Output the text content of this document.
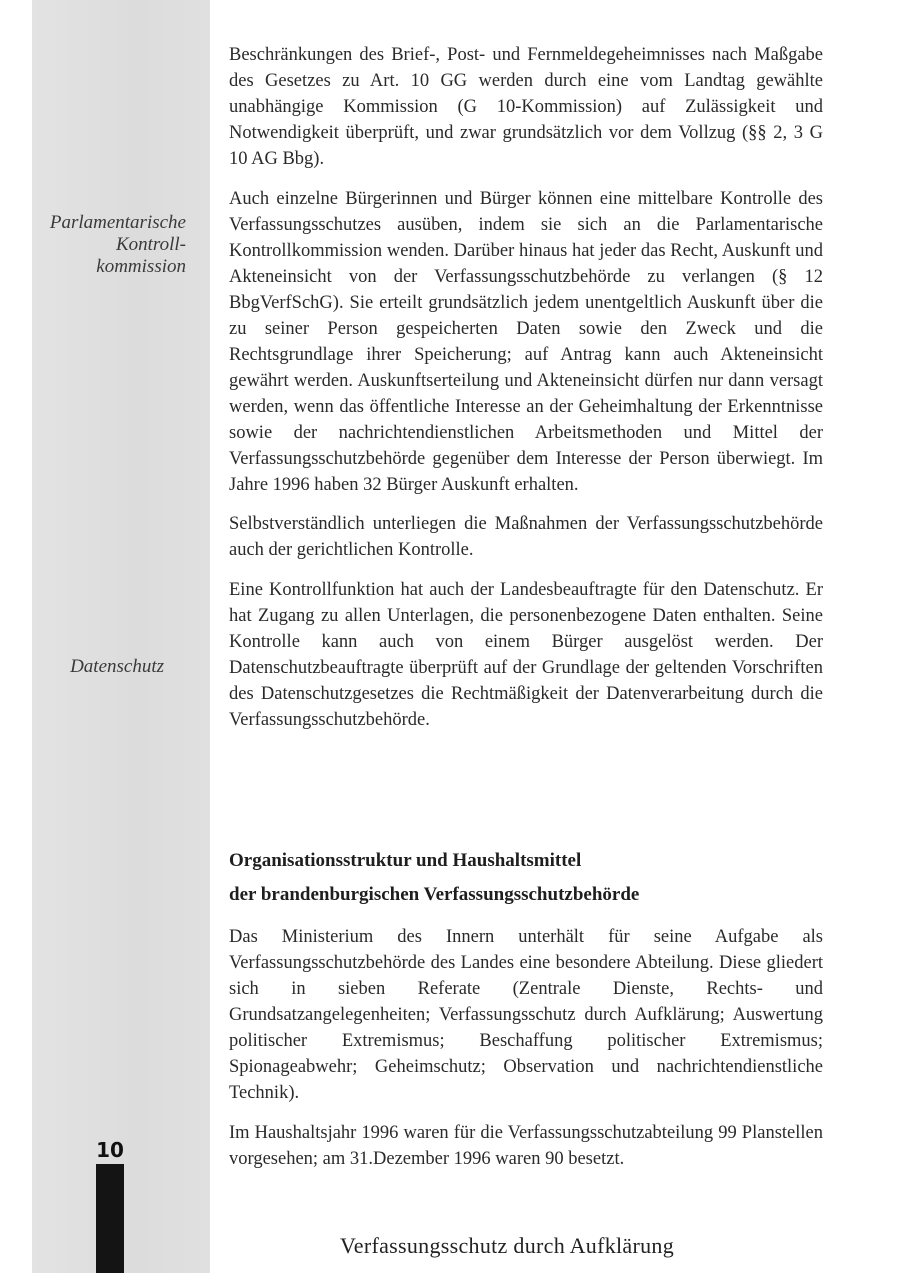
Parlamentarische
Kontroll-
kommission
Datenschutz

Beschränkungen des Brief-, Post- und Fernmeldegeheimnisses nach Maßgabe des Gesetzes zu Art. 10 GG werden durch eine vom Landtag gewählte unabhängige Kommission (G 10-Kommission) auf Zulässigkeit und Notwendigkeit überprüft, und zwar grundsätzlich vor dem Vollzug (§§ 2, 3 G 10 AG Bbg).

Auch einzelne Bürgerinnen und Bürger können eine mittelbare Kontrolle des Verfassungsschutzes ausüben, indem sie sich an die Parlamentarische Kontrollkommission wenden. Darüber hinaus hat jeder das Recht, Auskunft und Akteneinsicht von der Verfassungsschutzbehörde zu verlangen (§ 12 BbgVerfSchG). Sie erteilt grundsätzlich jedem unentgeltlich Auskunft über die zu seiner Person gespeicherten Daten sowie den Zweck und die Rechtsgrundlage ihrer Speicherung; auf Antrag kann auch Akteneinsicht gewährt werden. Auskunftserteilung und Akteneinsicht dürfen nur dann versagt werden, wenn das öffentliche Interesse an der Geheimhaltung der Erkenntnisse sowie der nachrichtendienstlichen Arbeitsmethoden und Mittel der Verfassungsschutzbehörde gegenüber dem Interesse der Person überwiegt. Im Jahre 1996 haben 32 Bürger Auskunft erhalten.

Selbstverständlich unterliegen die Maßnahmen der Verfassungsschutzbehörde auch der gerichtlichen Kontrolle.

Eine Kontrollfunktion hat auch der Landesbeauftragte für den Datenschutz. Er hat Zugang zu allen Unterlagen, die personenbezogene Daten enthalten. Seine Kontrolle kann auch von einem Bürger ausgelöst werden. Der Datenschutzbeauftragte überprüft auf der Grundlage der geltenden Vorschriften des Datenschutzgesetzes die Rechtmäßigkeit der Datenverarbeitung durch die Verfassungsschutzbehörde.

Organisationsstruktur und Haushaltsmittel
der brandenburgischen Verfassungsschutzbehörde

Das Ministerium des Innern unterhält für seine Aufgabe als Verfassungsschutzbehörde des Landes eine besondere Abteilung. Diese gliedert sich in sieben Referate (Zentrale Dienste, Rechts- und Grundsatzangelegenheiten; Verfassungsschutz durch Aufklärung; Auswertung politischer Extremismus; Beschaffung politischer Extremismus; Spionageabwehr; Geheimschutz; Observation und nachrichtendienstliche Technik).

Im Haushaltsjahr 1996 waren für die Verfassungsschutzabteilung 99 Planstellen vorgesehen; am 31.Dezember 1996 waren 90 besetzt.

10
Verfassungsschutz durch Aufklärung
